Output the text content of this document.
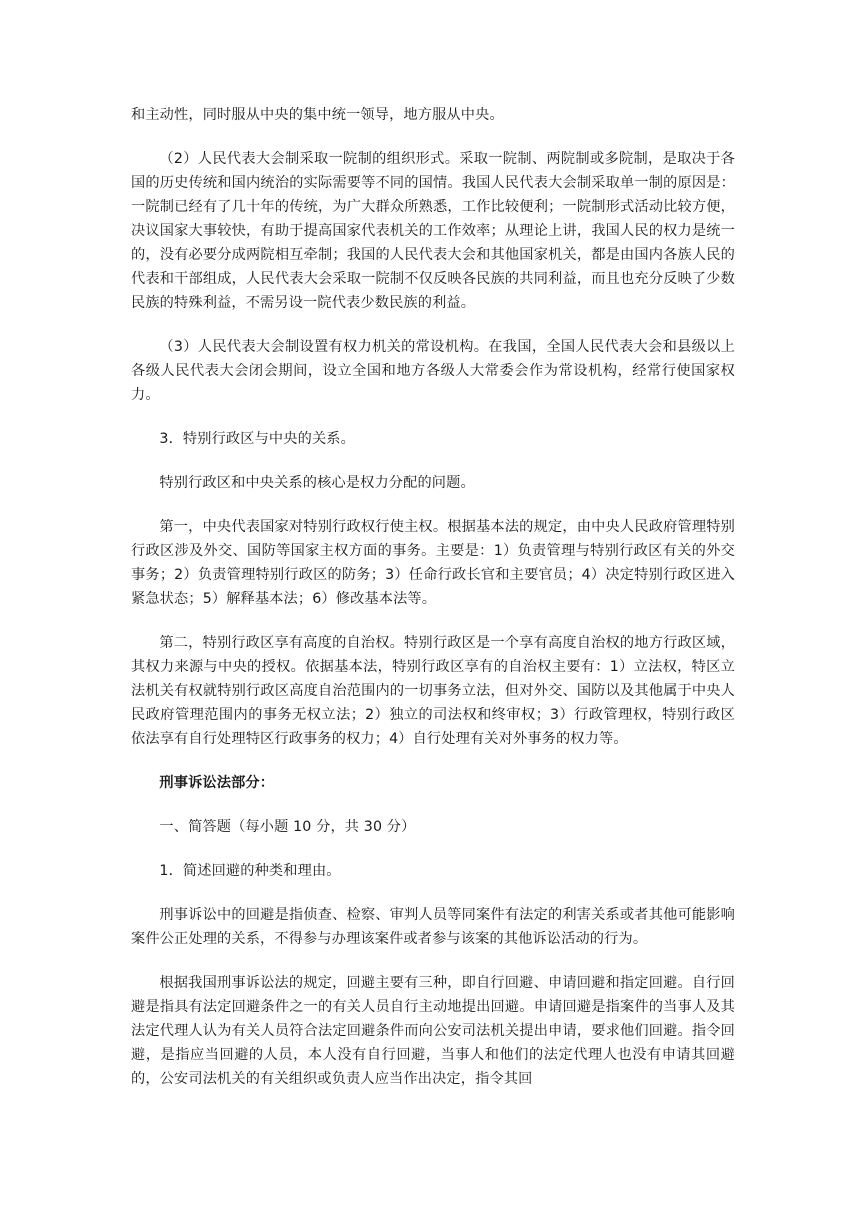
和主动性，同时服从中央的集中统一领导，地方服从中央。

（2）人民代表大会制采取一院制的组织形式。采取一院制、两院制或多院制，是取决于各国的历史传统和国内统治的实际需要等不同的国情。我国人民代表大会制采取单一制的原因是：一院制已经有了几十年的传统，为广大群众所熟悉，工作比较便利；一院制形式活动比较方便，决议国家大事较快，有助于提高国家代表机关的工作效率；从理论上讲，我国人民的权力是统一的，没有必要分成两院相互牵制；我国的人民代表大会和其他国家机关，都是由国内各族人民的代表和干部组成，人民代表大会采取一院制不仅反映各民族的共同利益，而且也充分反映了少数民族的特殊利益，不需另设一院代表少数民族的利益。

（3）人民代表大会制设置有权力机关的常设机构。在我国，全国人民代表大会和县级以上各级人民代表大会闭会期间，设立全国和地方各级人大常委会作为常设机构，经常行使国家权力。

3．特别行政区与中央的关系。

特别行政区和中央关系的核心是权力分配的问题。

第一，中央代表国家对特别行政权行使主权。根据基本法的规定，由中央人民政府管理特别行政区涉及外交、国防等国家主权方面的事务。主要是：1）负责管理与特别行政区有关的外交事务；2）负责管理特别行政区的防务；3）任命行政长官和主要官员；4）决定特别行政区进入紧急状态；5）解释基本法；6）修改基本法等。

第二，特别行政区享有高度的自治权。特别行政区是一个享有高度自治权的地方行政区域，其权力来源与中央的授权。依据基本法，特别行政区享有的自治权主要有：1）立法权，特区立法机关有权就特别行政区高度自治范围内的一切事务立法，但对外交、国防以及其他属于中央人民政府管理范围内的事务无权立法；2）独立的司法权和终审权；3）行政管理权，特别行政区依法享有自行处理特区行政事务的权力；4）自行处理有关对外事务的权力等。

刑事诉讼法部分：

一、简答题（每小题 10 分，共 30 分）

1．简述回避的种类和理由。

刑事诉讼中的回避是指侦查、检察、审判人员等同案件有法定的利害关系或者其他可能影响案件公正处理的关系，不得参与办理该案件或者参与该案的其他诉讼活动的行为。

根据我国刑事诉讼法的规定，回避主要有三种，即自行回避、申请回避和指定回避。自行回避是指具有法定回避条件之一的有关人员自行主动地提出回避。申请回避是指案件的当事人及其法定代理人认为有关人员符合法定回避条件而向公安司法机关提出申请，要求他们回避。指令回避，是指应当回避的人员，本人没有自行回避，当事人和他们的法定代理人也没有申请其回避的，公安司法机关的有关组织或负责人应当作出决定，指令其回
